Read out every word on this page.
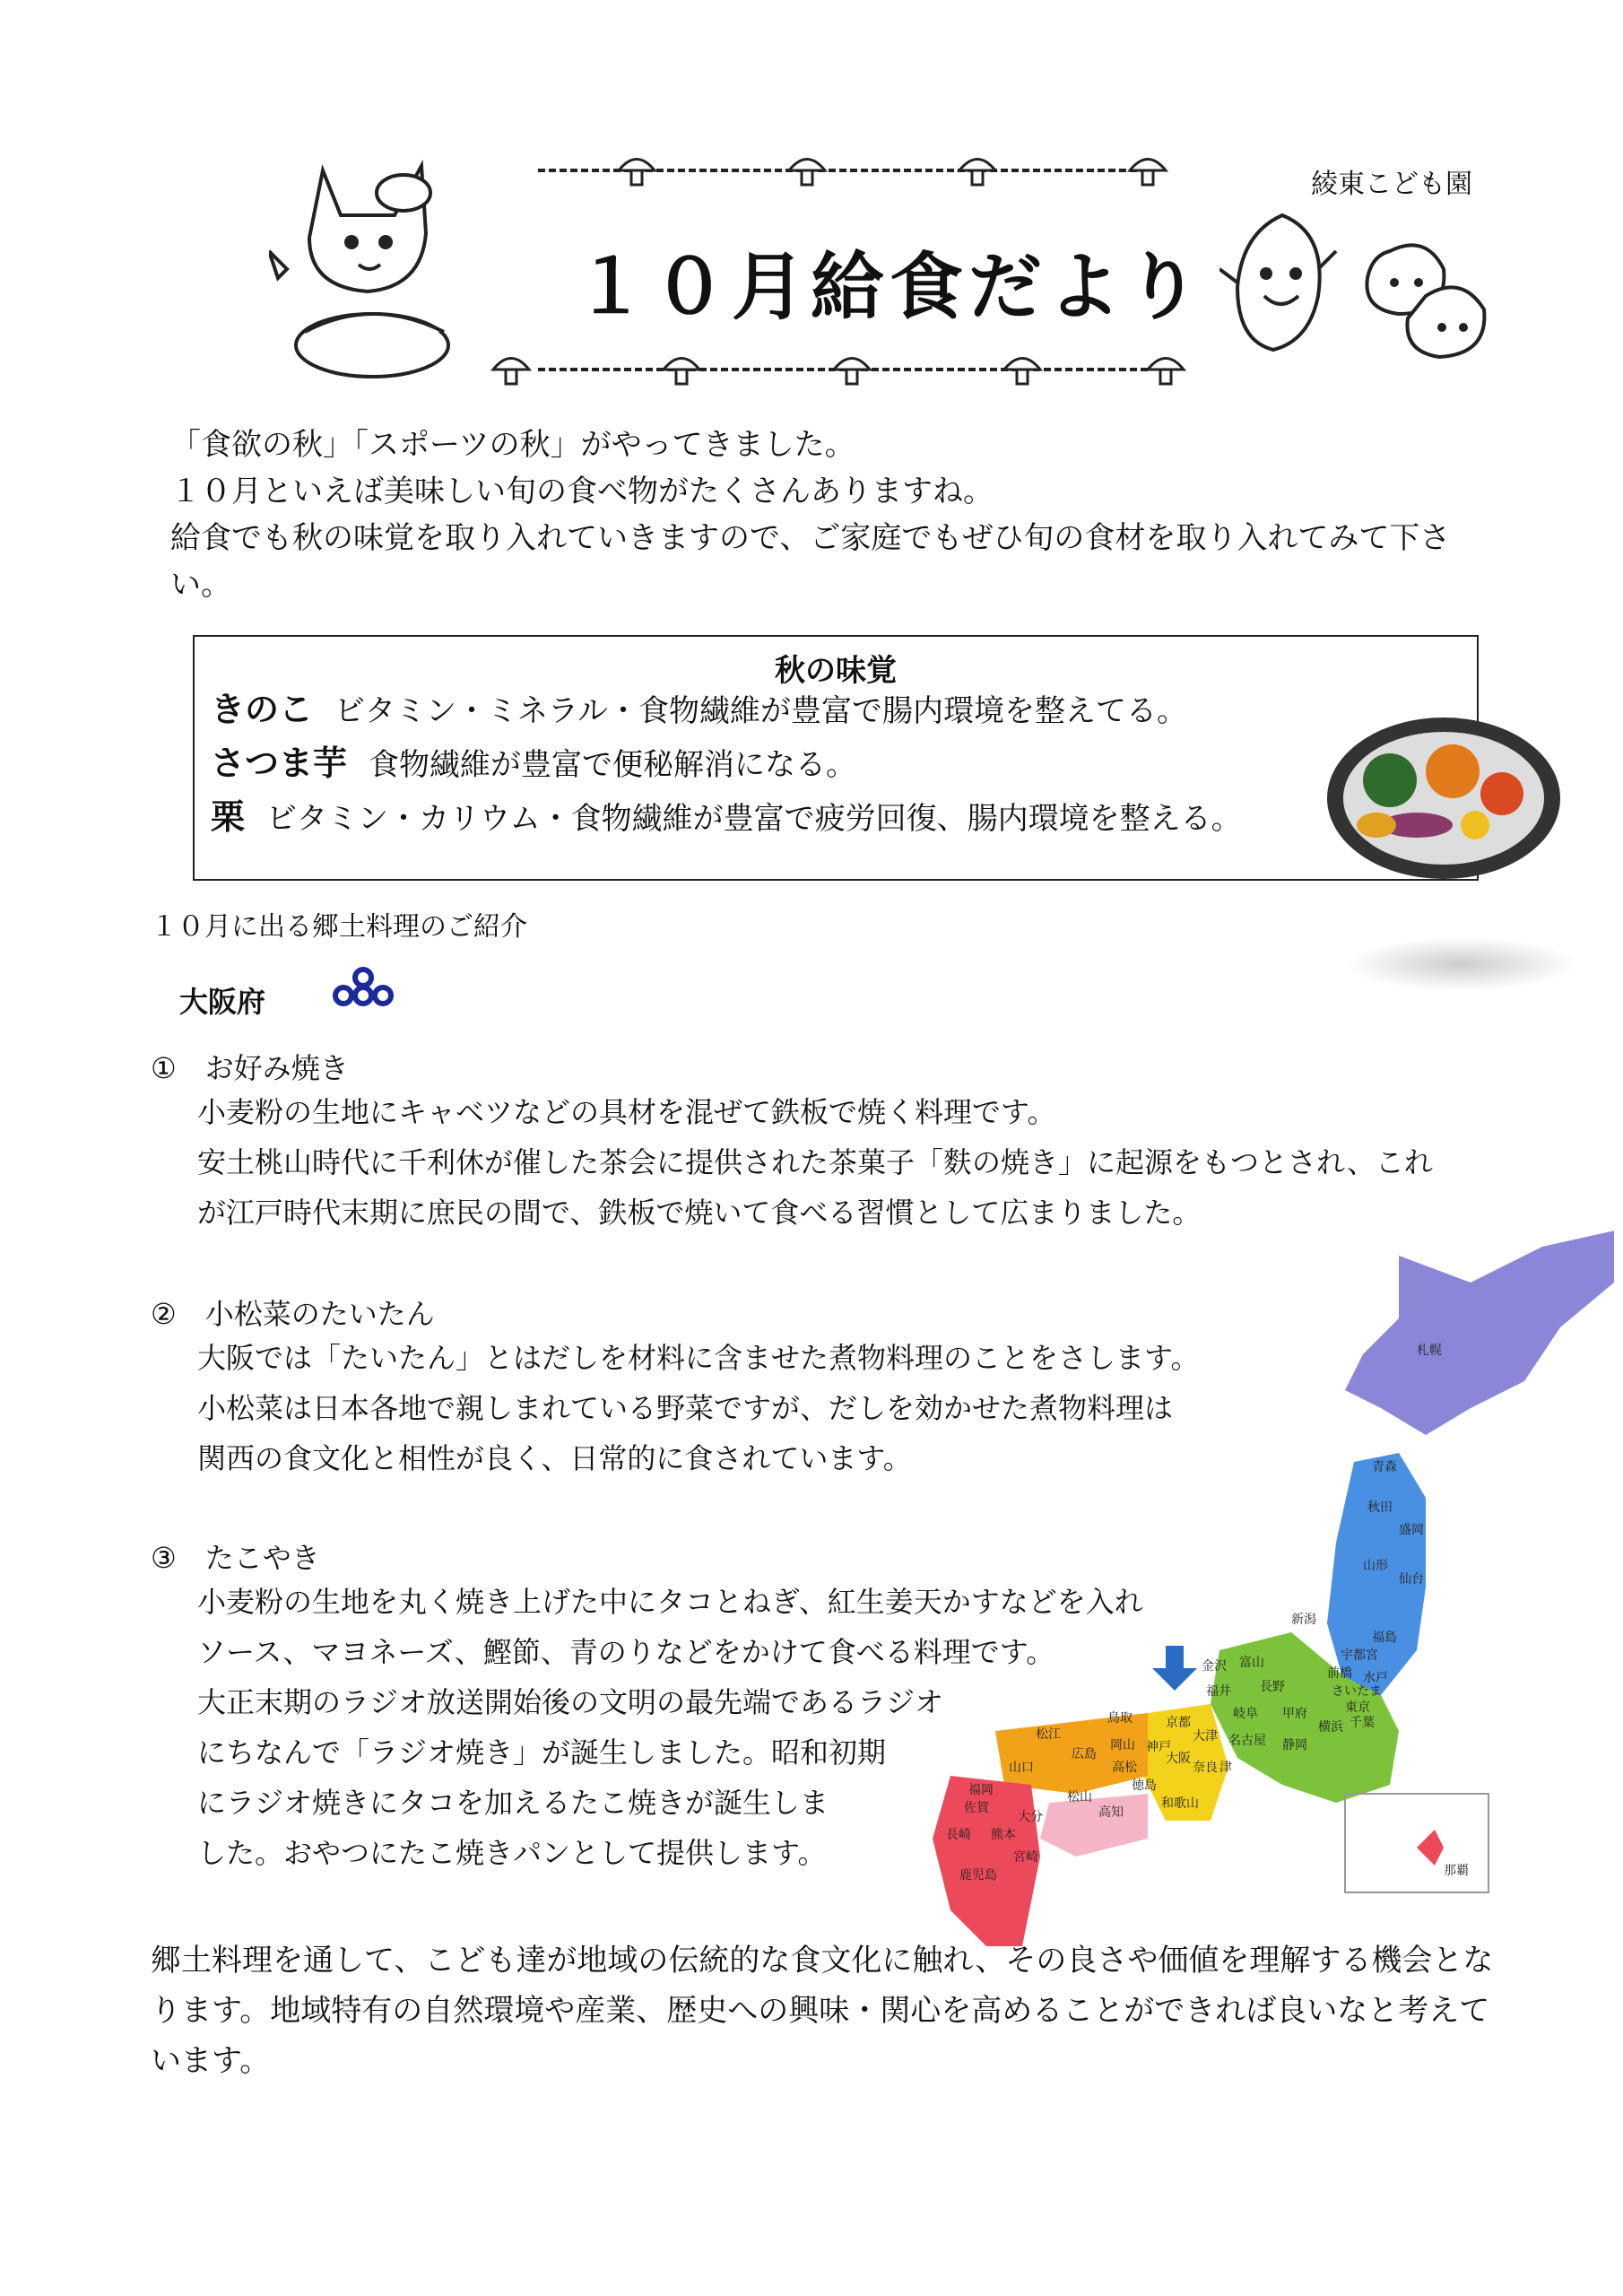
１０月給食だより
綾東こども園

「食欲の秋」「スポーツの秋」がやってきました。

１０月といえば美味しい旬の食べ物がたくさんありますね。

給食でも秋の味覚を取り入れていきますので、ご家庭でもぜひ旬の食材を取り入れてみて下さ

い。

秋の味覚
きのこ ビタミン・ミネラル・食物繊維が豊富で腸内環境を整えてる。
さつま芋 食物繊維が豊富で便秘解消になる。
栗 ビタミン・カリウム・食物繊維が豊富で疲労回復、腸内環境を整える。
１０月に出る郷土料理のご紹介
大阪府
①　お好み焼き

小麦粉の生地にキャベツなどの具材を混ぜて鉄板で焼く料理です。

安土桃山時代に千利休が催した茶会に提供された茶菓子「麩の焼き」に起源をもつとされ、これ

が江戸時代末期に庶民の間で、鉄板で焼いて食べる習慣として広まりました。

②　小松菜のたいたん

大阪では「たいたん」とはだしを材料に含ませた煮物料理のことをさします。

小松菜は日本各地で親しまれている野菜ですが、だしを効かせた煮物料理は

関西の食文化と相性が良く、日常的に食されています。

③　たこやき

小麦粉の生地を丸く焼き上げた中にタコとねぎ、紅生姜天かすなどを入れ

ソース、マヨネーズ、鰹節、青のりなどをかけて食べる料理です。

大正末期のラジオ放送開始後の文明の最先端であるラジオ

にちなんで「ラジオ焼き」が誕生しました。昭和初期

にラジオ焼きにタコを加えるたこ焼きが誕生しま

した。おやつにたこ焼きパンとして提供します。

札幌
青森
秋田
盛岡
山形
仙台
新潟
宇都宮
福島
前橋 水戸
金沢 富山
長野	さいたま
東京
福井
岐阜 甲府
横浜 千葉
鳥取	京都
大津 名古屋 静岡
松江
広島
岡山 神戸
大阪
奈良 津
山口	高松
徳島
和歌山
福岡	松山
高知
佐賀
大分
長崎 熊本
宮崎
鹿児島	那覇

郷土料理を通して、こども達が地域の伝統的な食文化に触れ、その良さや価値を理解する機会とな

ります。地域特有の自然環境や産業、歴史への興味・関心を高めることができれば良いなと考えて

います。
